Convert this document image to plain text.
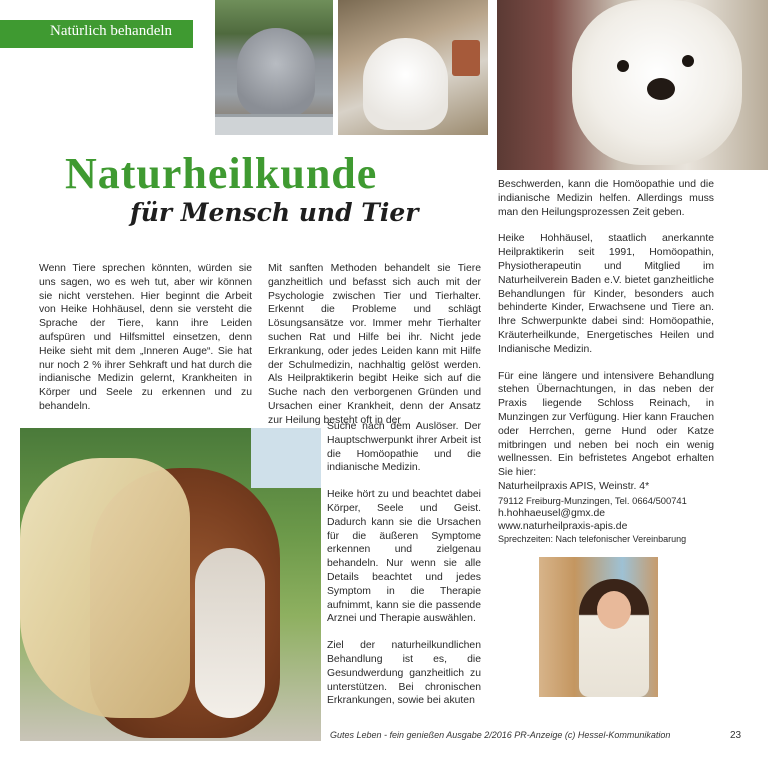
Natürlich behandeln
Naturheilkunde
für Mensch und Tier

Wenn Tiere sprechen könnten, würden sie uns sagen, wo es weh tut, aber wir können sie nicht verstehen. Hier beginnt die Arbeit von Heike Hohhäusel, denn sie versteht die Sprache der Tiere, kann ihre Leiden aufspüren und Hilfsmittel einsetzen, denn Heike sieht mit dem „Inneren Auge“. Sie hat nur noch 2 % ihrer Sehkraft und hat durch die indianische Medizin gelernt, Krankheiten in Körper und Seele zu erkennen und zu behandeln.

Mit sanften Methoden behandelt sie Tiere ganzheitlich und befasst sich auch mit der Psychologie zwischen Tier und Tierhalter. Erkennt die Probleme und schlägt Lösungsansätze vor. Immer mehr Tierhalter suchen Rat und Hilfe bei ihr. Nicht jede Erkrankung, oder jedes Leiden kann mit Hilfe der Schulmedizin, nachhaltig gelöst werden. Als Heilpraktikerin begibt Heike sich auf die Suche nach den verborgenen Gründen und Ursachen einer Krankheit, denn der Ansatz zur Heilung besteht oft in der

Suche nach dem Auslöser. Der Hauptschwerpunkt ihrer Arbeit ist die Homöopathie und die indianische Medizin.

Heike hört zu und beachtet dabei Körper, Seele und Geist. Dadurch kann sie die Ursachen für die äußeren Symptome erkennen und zielgenau behandeln. Nur wenn sie alle Details beachtet und jedes Symptom in die Therapie aufnimmt, kann sie die passende Arznei und Therapie auswählen.

Ziel der naturheilkundlichen Behandlung ist es, die Gesundwerdung ganzheitlich zu unterstützen. Bei chronischen Erkrankungen, sowie bei akuten

Beschwerden, kann die Homöopathie und die indianische Medizin helfen. Allerdings muss man den Heilungsprozessen Zeit geben.

Heike Hohhäusel, staatlich anerkannte Heilpraktikerin seit 1991, Homöopathin, Physiotherapeutin und Mitglied im Naturheilverein Baden e.V. bietet ganzheitliche Behandlungen für Kinder, besonders auch behinderte Kinder, Erwachsene und Tiere an. Ihre Schwerpunkte dabei sind: Homöopathie, Kräuterheilkunde, Energetisches Heilen und Indianische Medizin.

Für eine längere und intensivere Behandlung stehen Übernachtungen, in das neben der Praxis liegende Schloss Reinach, in Munzingen zur Verfügung. Hier kann Frauchen oder Herrchen, gerne Hund oder Katze mitbringen und neben bei noch ein wenig wellnessen. Ein befristetes Angebot erhalten Sie hier:

Naturheilpraxis APIS, Weinstr. 4*
79112 Freiburg-Munzingen, Tel. 0664/500741
h.hohhaeusel@gmx.de
www.naturheilpraxis-apis.de
Sprechzeiten: Nach telefonischer Vereinbarung
Gutes Leben - fein genießen Ausgabe 2/2016 PR-Anzeige (c) Hessel-Kommunikation	23
